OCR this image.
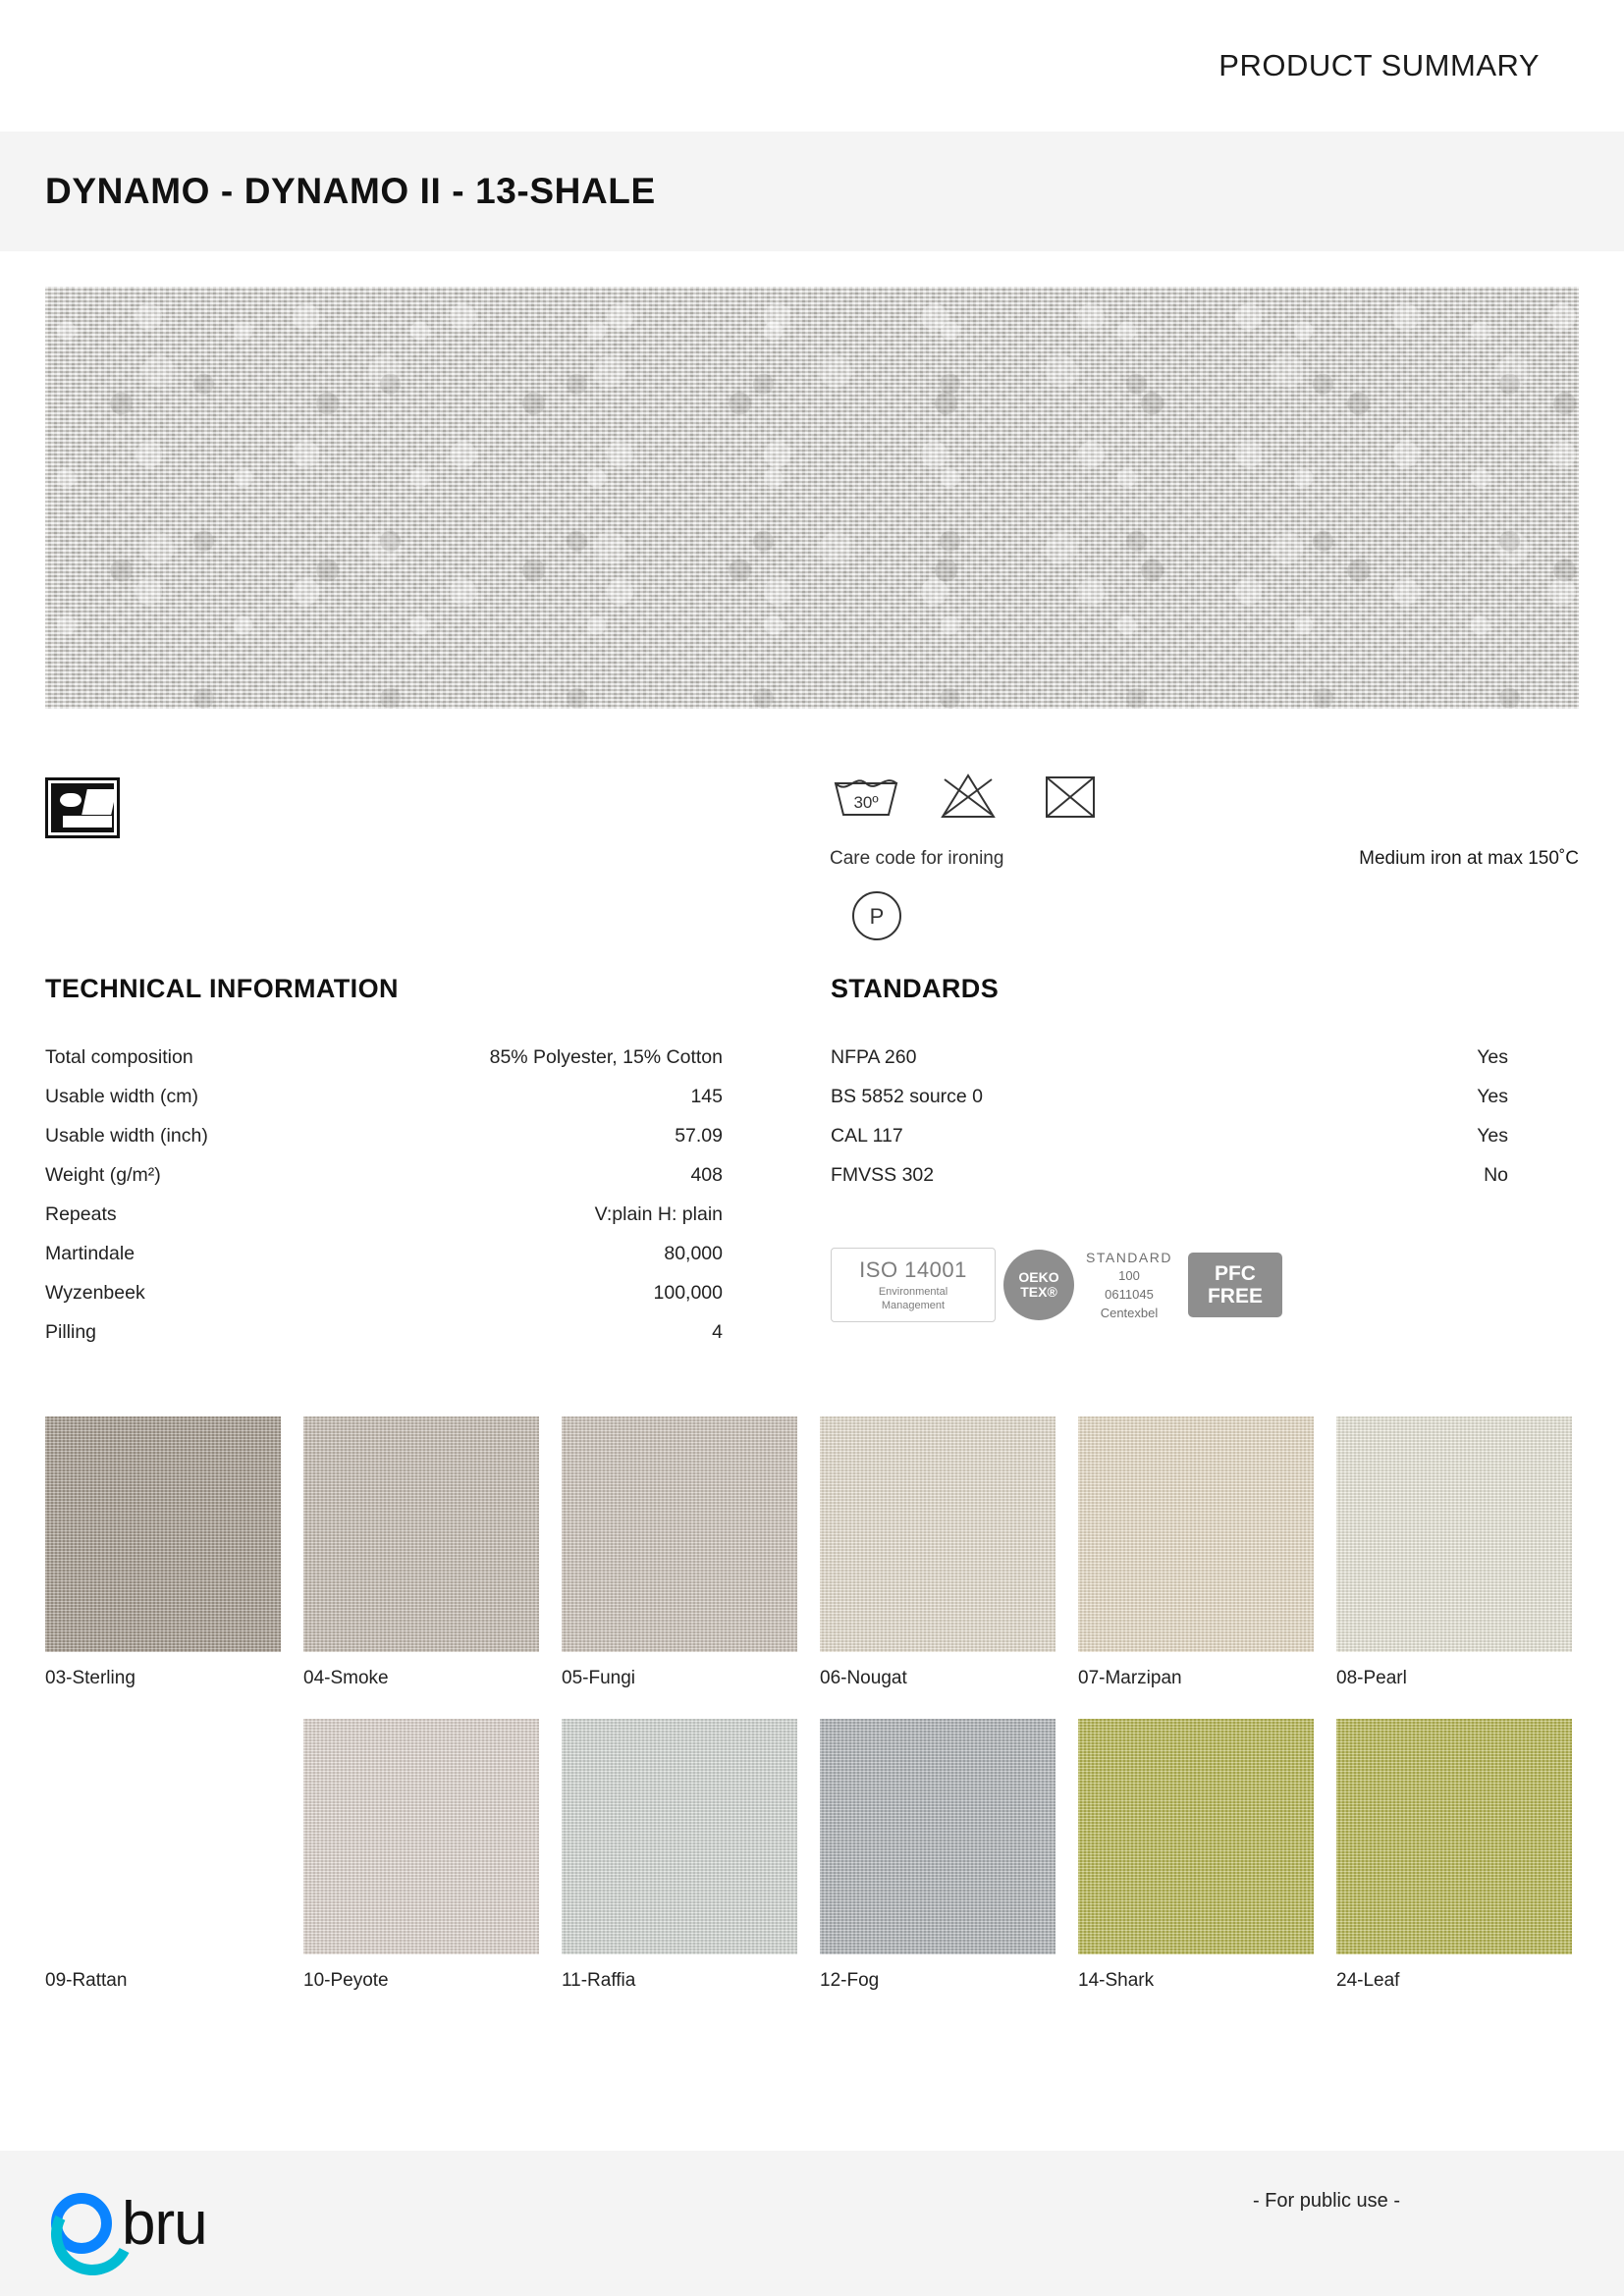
PRODUCT SUMMARY
DYNAMO - DYNAMO II - 13-SHALE
30º
Care code for ironing	Medium iron at max 150˚C
P
TECHNICAL INFORMATION
Total composition	85% Polyester, 15% Cotton
Usable width (cm)	145
Usable width (inch)	57.09
Weight (g/m²)	408
Repeats	V:plain H: plain
Martindale	80,000
Wyzenbeek	100,000
Pilling	4
STANDARDS
NFPA 260	Yes
BS 5852 source 0	Yes
CAL 117	Yes
FMVSS 302	No
ISO 14001
Environmental
Management
OEKO
TEX®
STANDARD
100
0611045
Centexbel
PFC
FREE
03-Sterling	04-Smoke	05-Fungi	06-Nougat	07-Marzipan	08-Pearl
09-Rattan	10-Peyote	11-Raffia	12-Fog	14-Shark	24-Leaf
bru	- For public use -
